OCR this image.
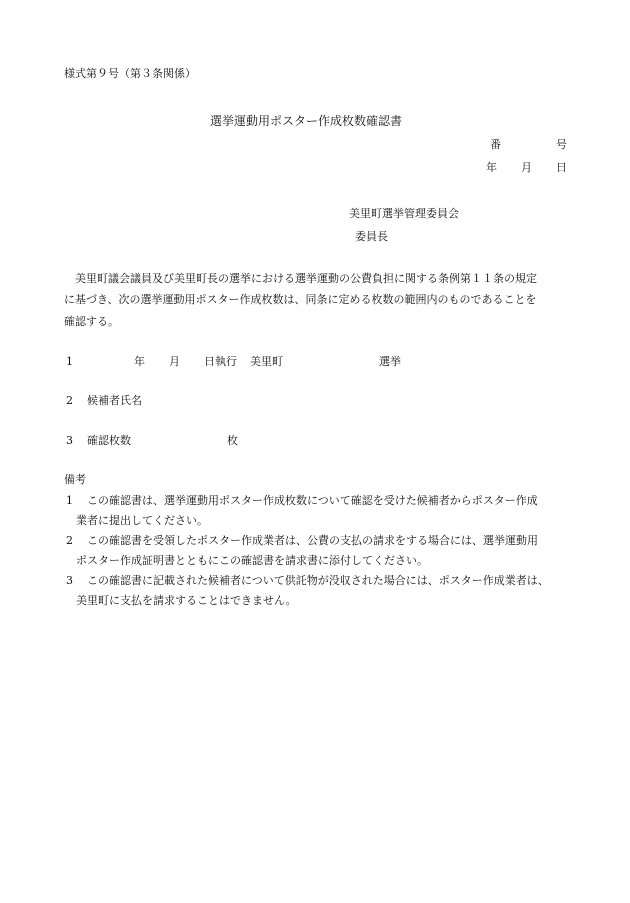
様式第９号（第３条関係）
選挙運動用ポスター作成枚数確認書
番	号
年 月 日
美里町選挙管理委員会
委員長
美里町議会議員及び美里町長の選挙における選挙運動の公費負担に関する条例第１１条の規定
に基づき、次の選挙運動用ポスター作成枚数は、同条に定める枚数の範囲内のものであることを
確認する。
1	年 月 日執行 美里町	選挙
2 候補者氏名
3 確認枚数	枚
備考
1 この確認書は、選挙運動用ポスター作成枚数について確認を受けた候補者からポスター作成
業者に提出してください。
2 この確認書を受領したポスター作成業者は、公費の支払の請求をする場合には、選挙運動用
ポスター作成証明書とともにこの確認書を請求書に添付してください。
3 この確認書に記載された候補者について供託物が没収された場合には、ポスター作成業者は、
美里町に支払を請求することはできません。
